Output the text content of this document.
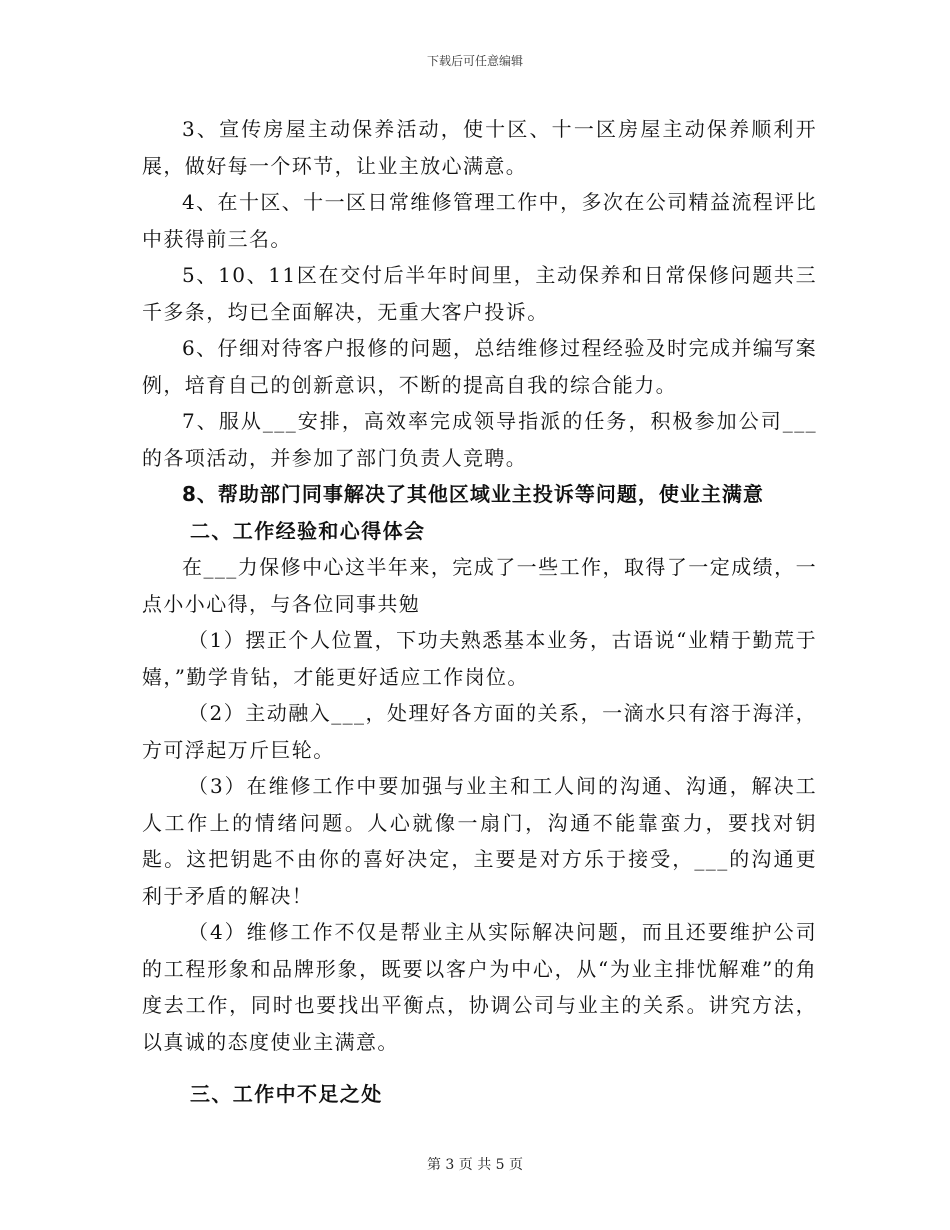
下载后可任意编辑

3、宣传房屋主动保养活动，使十区、十一区房屋主动保养顺利开展，做好每一个环节，让业主放心满意。

4、在十区、十一区日常维修管理工作中，多次在公司精益流程评比中获得前三名。

5、10、11区在交付后半年时间里，主动保养和日常保修问题共三千多条，均已全面解决，无重大客户投诉。

6、仔细对待客户报修的问题，总结维修过程经验及时完成并编写案例，培育自己的创新意识，不断的提高自我的综合能力。

7、服从___安排，高效率完成领导指派的任务，积极参加公司___的各项活动，并参加了部门负责人竞聘。

8、帮助部门同事解决了其他区域业主投诉等问题，使业主满意

二、工作经验和心得体会

在___力保修中心这半年来，完成了一些工作，取得了一定成绩，一点小小心得，与各位同事共勉

（1）摆正个人位置，下功夫熟悉基本业务，古语说“业精于勤荒于嬉，”勤学肯钻，才能更好适应工作岗位。

（2）主动融入___，处理好各方面的关系，一滴水只有溶于海洋，方可浮起万斤巨轮。

（3）在维修工作中要加强与业主和工人间的沟通、沟通，解决工人工作上的情绪问题。人心就像一扇门，沟通不能靠蛮力，要找对钥匙。这把钥匙不由你的喜好决定，主要是对方乐于接受，___的沟通更利于矛盾的解决！

（4）维修工作不仅是帮业主从实际解决问题，而且还要维护公司的工程形象和品牌形象，既要以客户为中心，从“为业主排忧解难”的角度去工作，同时也要找出平衡点，协调公司与业主的关系。讲究方法，以真诚的态度使业主满意。

三、工作中不足之处

第 3 页 共 5 页
